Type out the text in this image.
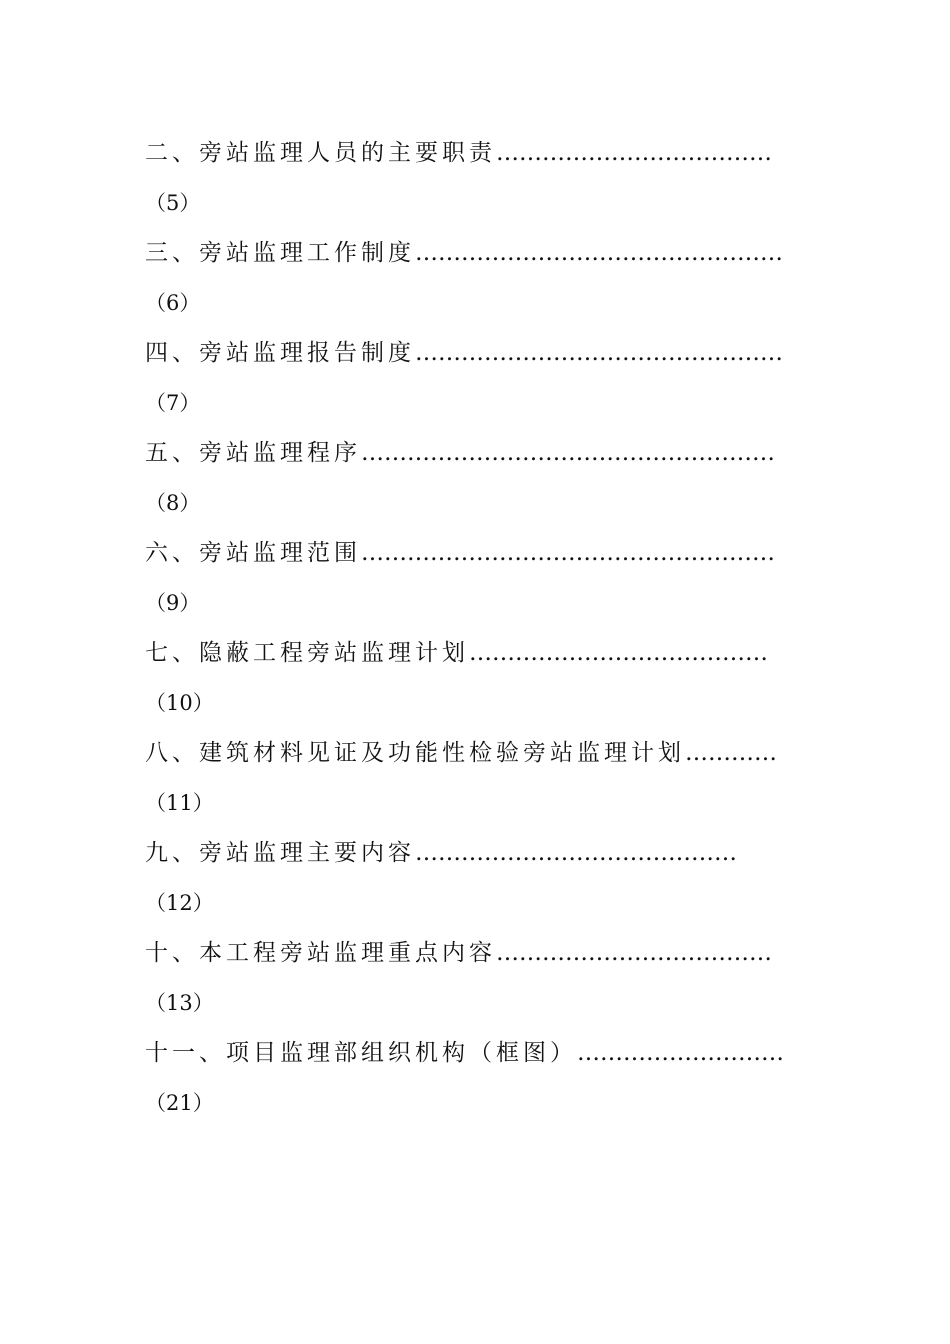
二、旁站监理人员的主要职责………………………………
（5）
三、旁站监理工作制度…………………………………………
（6）
四、旁站监理报告制度…………………………………………
（7）
五、旁站监理程序………………………………………………
（8）
六、旁站监理范围………………………………………………
（9）
七、隐蔽工程旁站监理计划…………………………………
（10）
八、建筑材料见证及功能性检验旁站监理计划…………
（11）
九、旁站监理主要内容……………………………………
（12）
十、本工程旁站监理重点内容………………………………
（13）
十一、项目监理部组织机构（框图）………………………
（21）
